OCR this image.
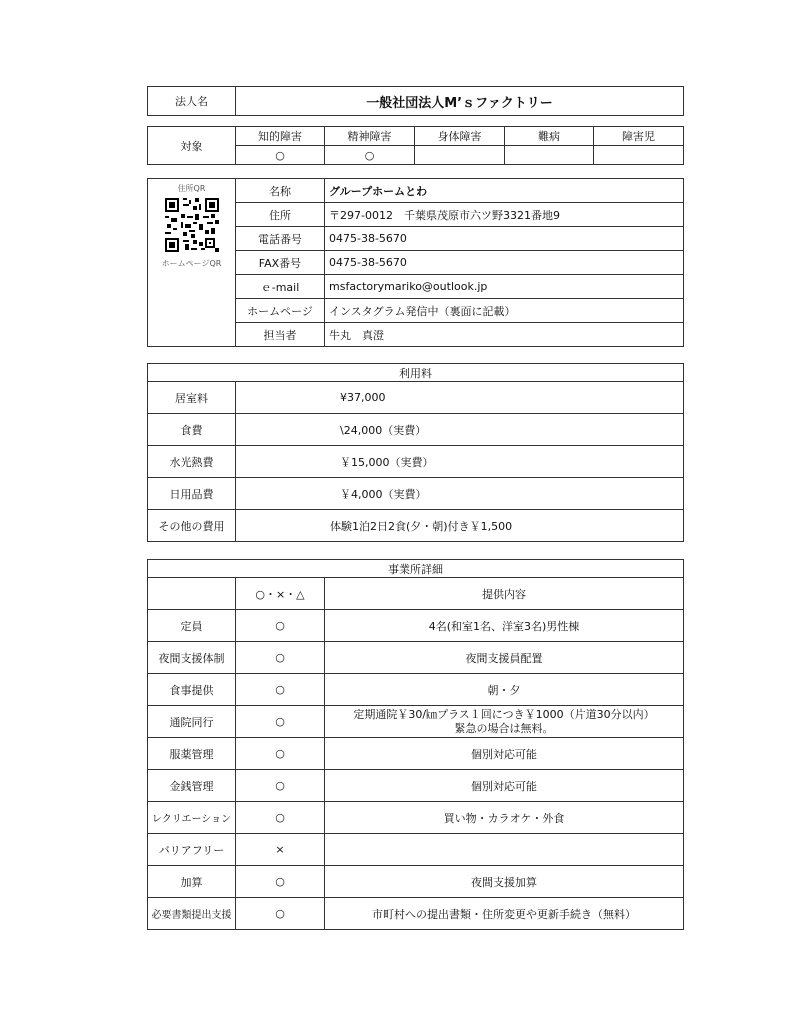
法人名	一般社団法人M’ｓファクトリー
対象	知的障害	精神障害	身体障害	難病	障害児
	○	○			
住所QR
ホームページQR	名称	グループホームとわ
	住所	〒297-0012　千葉県茂原市六ツ野3321番地9
	電話番号	0475-38-5670
	FAX番号	0475-38-5670
	ｅ-mail	msfactorymariko@outlook.jp
	ホームページ	インスタグラム発信中（裏面に記載）
	担当者	牛丸　真澄
利用料	
居室料	¥37,000
食費	\24,000（実費）
水光熱費	￥15,000（実費）
日用品費	￥4,000（実費）
その他の費用	体験1泊2日2食(夕・朝)付き￥1,500
事業所詳細		
	○・×・△	提供内容
定員	○	4名(和室1名、洋室3名)男性棟
夜間支援体制	○	夜間支援員配置
食事提供	○	朝・夕
通院同行	○	定期通院￥30/㎞プラス１回につき￥1000（片道30分以内）
緊急の場合は無料。

服薬管理	○	個別対応可能
金銭管理	○	個別対応可能
レクリエーション	○	買い物・カラオケ・外食
バリアフリー	×	
加算	○	夜間支援加算
必要書類提出支援	○	市町村への提出書類・住所変更や更新手続き（無料）
